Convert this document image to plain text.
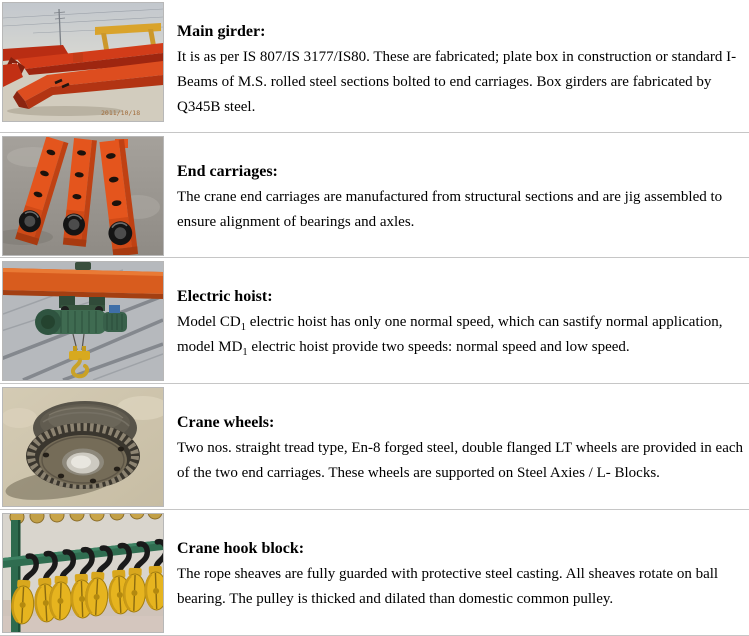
2011/10/18
Main girder:

It is as per IS 807/IS 3177/IS80. These are fabricated; plate box in construction or standard I-Beams of M.S. rolled steel sections bolted to end carriages. Box girders are fabricated by Q345B steel.

End carriages:

The crane end carriages are manufactured from structural sections and are jig assembled to ensure alignment of bearings and axles.

Electric hoist:

Model $CD_1$ electric hoist has only one normal speed, which can sastify normal application, model $MD_1$ electric hoist provide two speeds: normal speed and low speed.

Crane wheels:

Two nos. straight tread type, En-8 forged steel, double flanged LT wheels are provided in each of the two end carriages. These wheels are supported on Steel Axies / L- Blocks.

Crane hook block:

The rope sheaves are fully guarded with protective steel casting. All sheaves rotate on ball bearing. The pulley is thicked and dilated than domestic common pulley.
